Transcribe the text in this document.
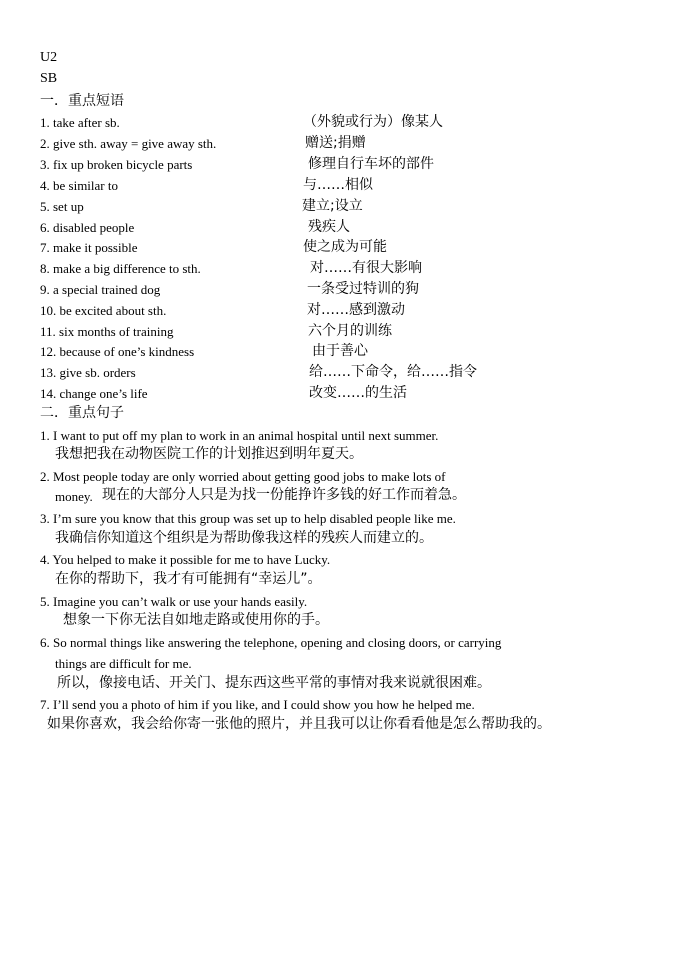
U2
SB
一．重点短语
1. take after sb.	（外貌或行为）像某人
2. give sth. away = give away sth.	赠送;捐赠
3. fix up broken bicycle parts	修理自行车坏的部件
4. be similar to	与……相似
5. set up	建立;设立
6. disabled people	残疾人
7. make it possible	使之成为可能
8. make a big difference to sth.	对……有很大影响
9. a special trained dog	一条受过特训的狗
10. be excited about sth.	对……感到激动
11. six months of training	六个月的训练
12. because of one’s kindness	由于善心
13. give sb. orders	给……下命令，给……指令
14. change one’s life	改变……的生活
二．重点句子
1. I want to put off my plan to work in an animal hospital until next summer.
我想把我在动物医院工作的计划推迟到明年夏天。
2. Most people today are only worried about getting good jobs to make lots of
money. 现在的大部分人只是为找一份能挣许多钱的好工作而着急。
3. I’m sure you know that this group was set up to help disabled people like me.
我确信你知道这个组织是为帮助像我这样的残疾人而建立的。
4. You helped to make it possible for me to have Lucky.
在你的帮助下，我才有可能拥有“幸运儿”。
5. Imagine you can’t walk or use your hands easily.
想象一下你无法自如地走路或使用你的手。
6. So normal things like answering the telephone, opening and closing doors, or carrying
things are difficult for me.
所以，像接电话、开关门、提东西这些平常的事情对我来说就很困难。
7. I’ll send you a photo of him if you like, and I could show you how he helped me.
如果你喜欢，我会给你寄一张他的照片，并且我可以让你看看他是怎么帮助我的。
